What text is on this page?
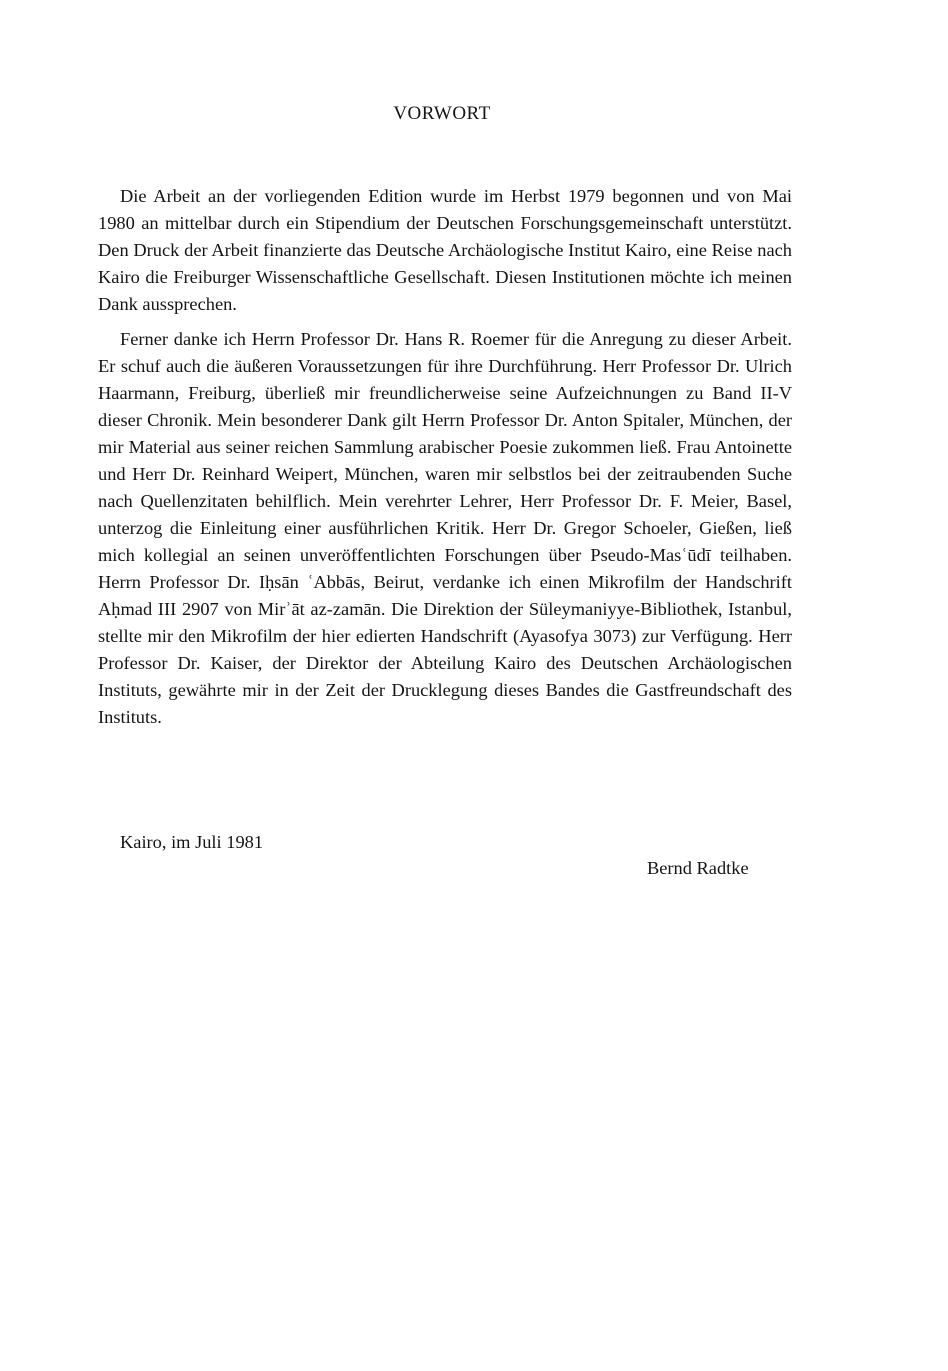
VORWORT

Die Arbeit an der vorliegenden Edition wurde im Herbst 1979 begonnen und von Mai 1980 an mittelbar durch ein Stipendium der Deutschen Forschungsgemeinschaft unterstützt. Den Druck der Arbeit finanzierte das Deutsche Archäologische Institut Kairo, eine Reise nach Kairo die Freiburger Wissenschaftliche Gesellschaft. Diesen Institutionen möchte ich meinen Dank aussprechen.

Ferner danke ich Herrn Professor Dr. Hans R. Roemer für die Anregung zu dieser Arbeit. Er schuf auch die äußeren Voraussetzungen für ihre Durchführung. Herr Professor Dr. Ulrich Haarmann, Freiburg, überließ mir freundlicherweise seine Aufzeichnungen zu Band II-V dieser Chronik. Mein besonderer Dank gilt Herrn Professor Dr. Anton Spitaler, München, der mir Material aus seiner reichen Sammlung arabischer Poesie zukommen ließ. Frau Antoinette und Herr Dr. Reinhard Weipert, München, waren mir selbstlos bei der zeitraubenden Suche nach Quellenzitaten behilflich. Mein verehrter Lehrer, Herr Professor Dr. F. Meier, Basel, unterzog die Einleitung einer ausführlichen Kritik. Herr Dr. Gregor Schoeler, Gießen, ließ mich kollegial an seinen unveröffentlichten Forschungen über Pseudo-Masʿūdī teilhaben. Herrn Professor Dr. Iḥsān ʿAbbās, Beirut, verdanke ich einen Mikrofilm der Handschrift Aḥmad III 2907 von Mirʾāt az-zamān. Die Direktion der Süleymaniyye-Bibliothek, Istanbul, stellte mir den Mikrofilm der hier edierten Handschrift (Ayasofya 3073) zur Verfügung. Herr Professor Dr. Kaiser, der Direktor der Abteilung Kairo des Deutschen Archäologischen Instituts, gewährte mir in der Zeit der Drucklegung dieses Bandes die Gastfreundschaft des Instituts.

Kairo, im Juli 1981

Bernd Radtke
